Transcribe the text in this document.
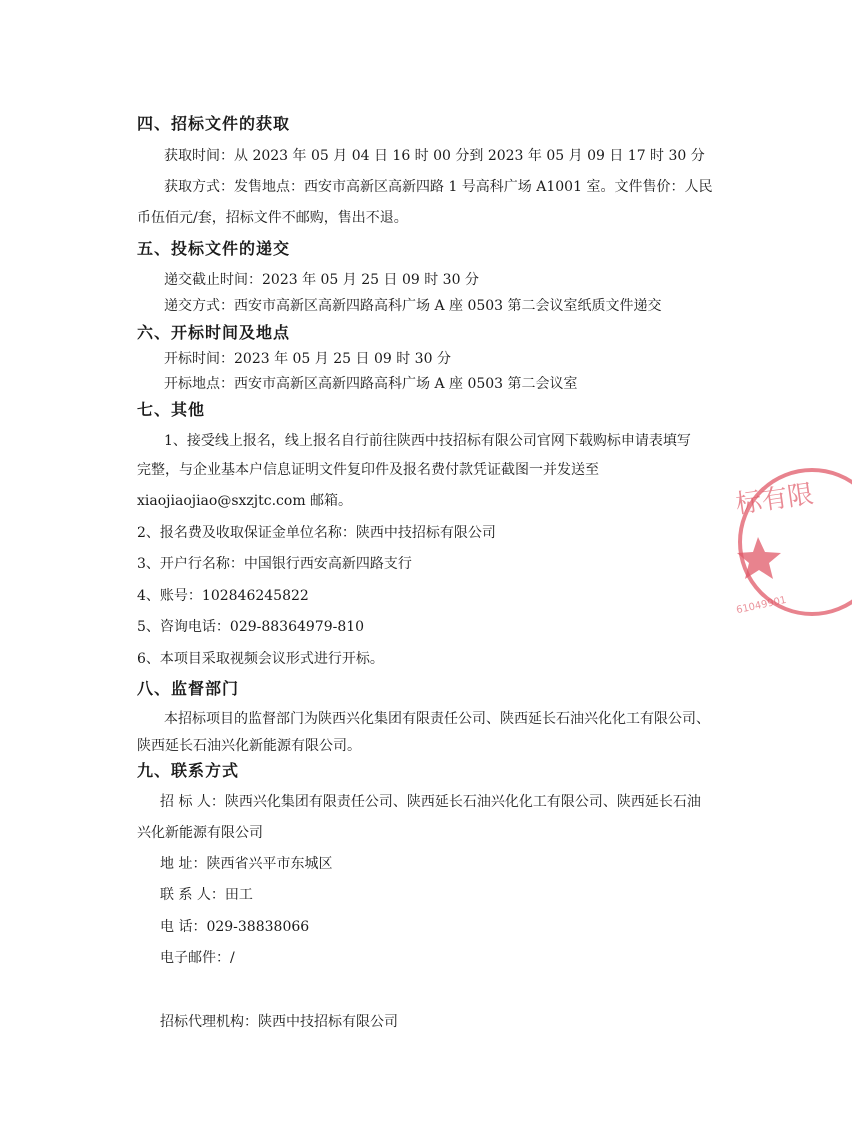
四、招标文件的获取
获取时间：从 2023 年 05 月 04 日 16 时 00 分到 2023 年 05 月 09 日 17 时 30 分
获取方式：发售地点：西安市高新区高新四路 1 号高科广场 A1001 室。文件售价：人民
币伍佰元/套，招标文件不邮购，售出不退。
五、投标文件的递交
递交截止时间：2023 年 05 月 25 日 09 时 30 分
递交方式：西安市高新区高新四路高科广场 A 座 0503 第二会议室纸质文件递交
六、开标时间及地点
开标时间：2023 年 05 月 25 日 09 时 30 分
开标地点：西安市高新区高新四路高科广场 A 座 0503 第二会议室
七、其他
1、接受线上报名，线上报名自行前往陕西中技招标有限公司官网下载购标申请表填写
完整，与企业基本户信息证明文件复印件及报名费付款凭证截图一并发送至
xiaojiaojiao@sxzjtc.com 邮箱。
2、报名费及收取保证金单位名称：陕西中技招标有限公司
3、开户行名称：中国银行西安高新四路支行
4、账号：102846245822
5、咨询电话：029-88364979-810
6、本项目采取视频会议形式进行开标。
八、监督部门
本招标项目的监督部门为陕西兴化集团有限责任公司、陕西延长石油兴化化工有限公司、
陕西延长石油兴化新能源有限公司。
九、联系方式
招 标 人：陕西兴化集团有限责任公司、陕西延长石油兴化化工有限公司、陕西延长石油
兴化新能源有限公司
地 址：陕西省兴平市东城区
联 系 人：田工
电 话：029-38838066
电子邮件：/
招标代理机构：陕西中技招标有限公司
标有限
61049901
